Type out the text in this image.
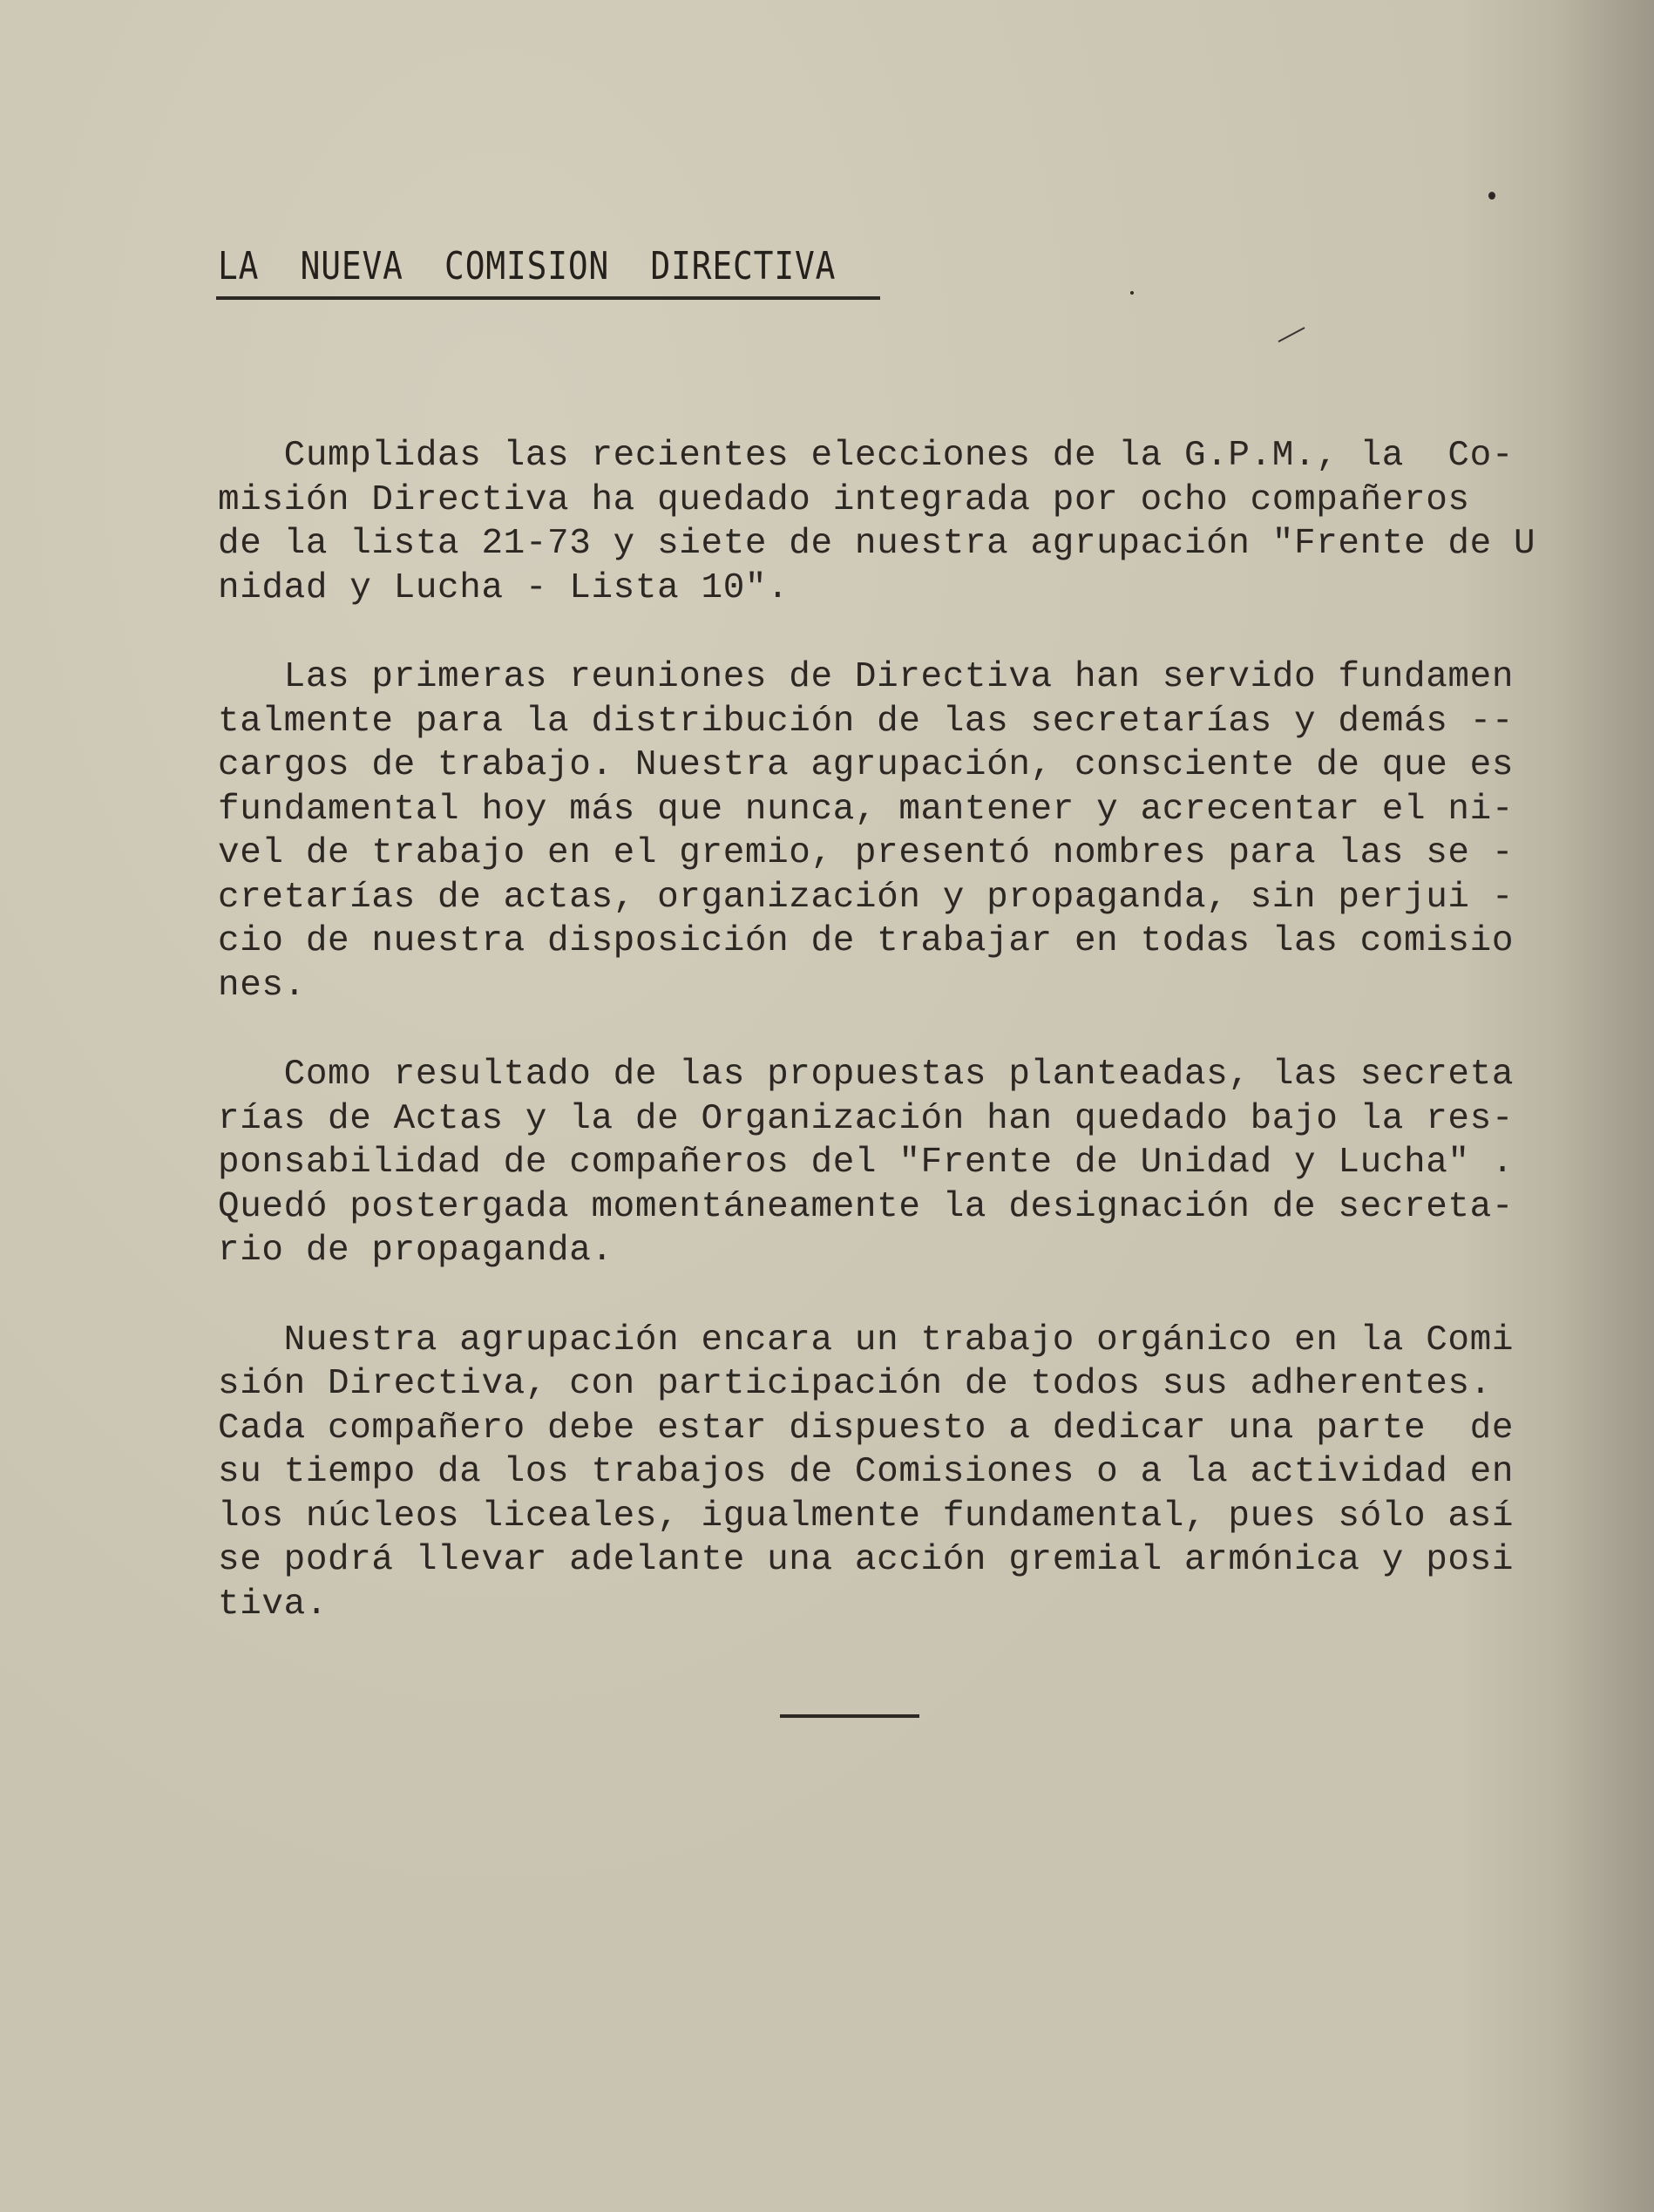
LA  NUEVA  COMISION  DIRECTIVA
Cumplidas las recientes elecciones de la G.P.M., la  Co-
misión Directiva ha quedado integrada por ocho compañeros
de la lista 21-73 y siete de nuestra agrupación "Frente de U
nidad y Lucha - Lista 10".
Las primeras reuniones de Directiva han servido fundamen
talmente para la distribución de las secretarías y demás --
cargos de trabajo. Nuestra agrupación, consciente de que es
fundamental hoy más que nunca, mantener y acrecentar el ni-
vel de trabajo en el gremio, presentó nombres para las se -
cretarías de actas, organización y propaganda, sin perjui -
cio de nuestra disposición de trabajar en todas las comisio
nes.
Como resultado de las propuestas planteadas, las secreta
rías de Actas y la de Organización han quedado bajo la res-
ponsabilidad de compañeros del "Frente de Unidad y Lucha" .
Quedó postergada momentáneamente la designación de secreta-
rio de propaganda.
Nuestra agrupación encara un trabajo orgánico en la Comi
sión Directiva, con participación de todos sus adherentes.
Cada compañero debe estar dispuesto a dedicar una parte  de
su tiempo da los trabajos de Comisiones o a la actividad en
los núcleos liceales, igualmente fundamental, pues sólo así
se podrá llevar adelante una acción gremial armónica y posi
tiva.
